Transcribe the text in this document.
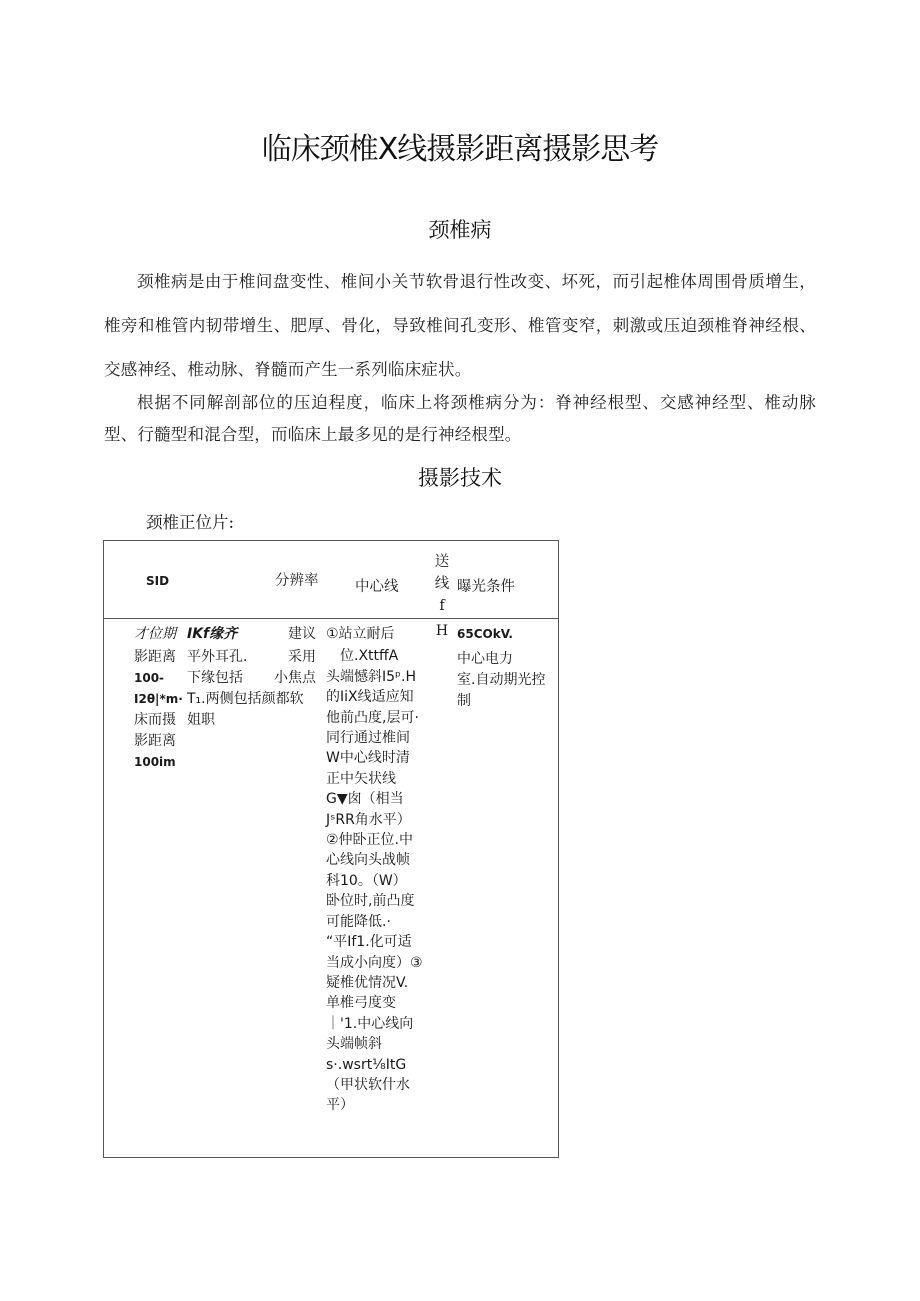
临床颈椎X线摄影距离摄影思考
颈椎病

颈椎病是由于椎间盘变性、椎间小关节软骨退行性改变、坏死，而引起椎体周围骨质增生，椎旁和椎管内韧带增生、肥厚、骨化，导致椎间孔变形、椎管变窄，刺激或压迫颈椎脊神经根、交感神经、椎动脉、脊髓而产生一系列临床症状。

根据不同解剖部位的压迫程度，临床上将颈椎病分为：脊神经根型、交感神经型、椎动脉型、行髓型和混合型，而临床上最多见的是行神经根型。

摄影技术
颈椎正位片:
SID	分辨率	中心线
送
线
f
曝光条件
才位期
影距离
100-
I2θ|*m·
床而摄
影距离
100im
IKf缘齐
平外耳孔.
下缘包括
T₁.两侧包括颜都软
姐职
建议
采用
小焦点
①站立耐后
　位.XttffA
头端憾斜I5ᵖ.H
的IiX线适应知
他前凸度,层可·
同行通过椎间
W中心线时清
正中矢状线
G▼囱（相当
JˢRR角水平）
②仲卧正位.中
心线向头战帧
科10。（W）
卧位时,前凸度
可能降低.·
“平If1.化可适
当成小向度）③
疑椎优情况V.
单椎弓度变
｜'1.中心线向
头端帧斜
s·.wsrt⅛ItG
（甲状软什水
平）
H 65COkV.
中心电力
室.自动期光控
制
